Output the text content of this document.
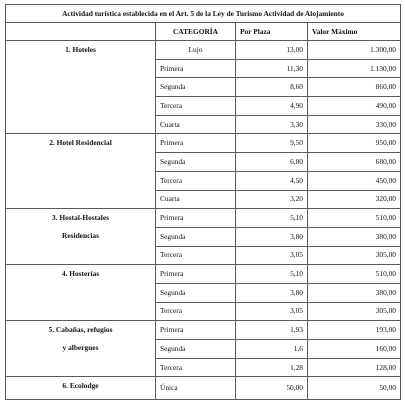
Actividad turística establecida en el Art. 5 de la Ley de Turismo Actividad de Alojamiento			
	CATEGORÍA	Por Plaza	Valor Máximo

1. Hoteles	Lujo	13,00	1.300,00
	Primera	11,30	1.130,00
	Segunda	8,60	860,00
	Tercera	4,90	490,00
	Cuarta	3,30	330,00

2. Hotel Residencial	Primera	9,50	950,00
	Segunda	6,80	680,00
	Tercera	4,50	450,00
	Cuarta	3,20	320,00

3. Hostal-Hostales
Residencias	Primera	5,10	510,00
	Segunda	3,80	380,00
	Tercera	3,05	305,00

4. Hosterías	Primera	5,10	510,00
	Segunda	3,80	380,00
	Tercera	3,05	305,00

5. Cabañas, refugios
y albergues	Primera	1,93	193,00
	Segunda	1,6	160,00
	Tercera	1,28	128,00

6. Ecolodge	Única	50,00	50,00
